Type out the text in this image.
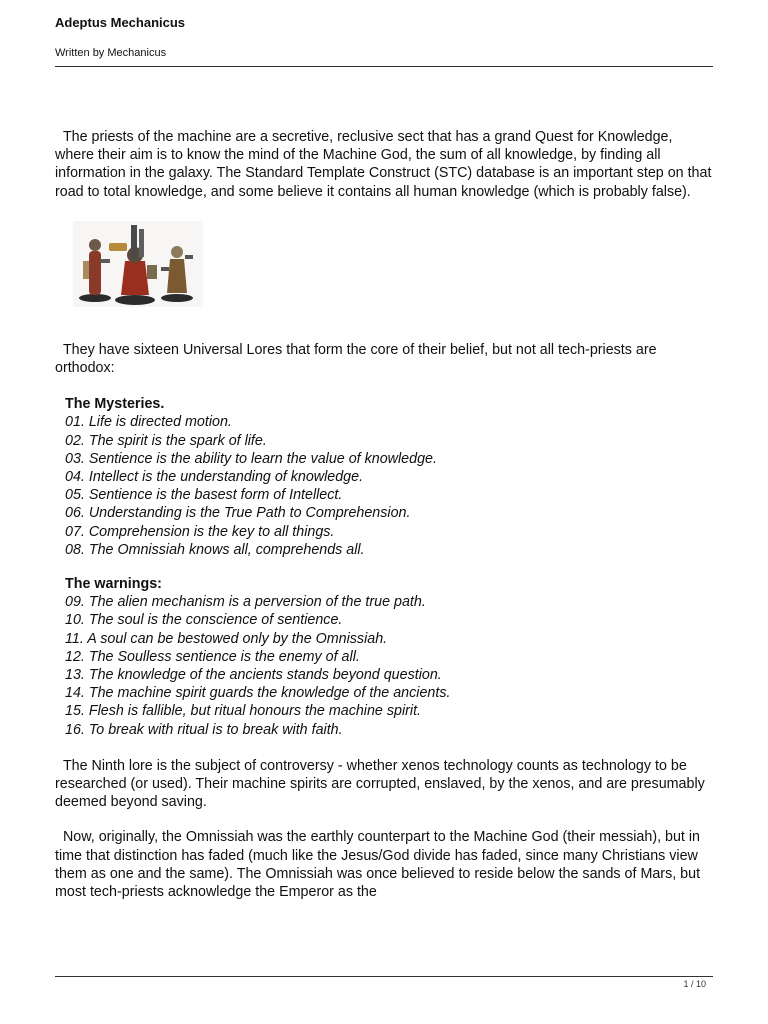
Adeptus Mechanicus
Written by Mechanicus

The priests of the machine are a secretive, reclusive sect that has a grand Quest for Knowledge, where their aim is to know the mind of the Machine God, the sum of all knowledge, by finding all information in the galaxy. The Standard Template Construct (STC) database is an important step on that road to total knowledge, and some believe it contains all human knowledge (which is probably false).

They have sixteen Universal Lores that form the core of their belief, but not all tech-priests are orthodox:

The Mysteries.
01. Life is directed motion.
02. The spirit is the spark of life.
03. Sentience is the ability to learn the value of knowledge.
04. Intellect is the understanding of knowledge.
05. Sentience is the basest form of Intellect.
06. Understanding is the True Path to Comprehension.
07. Comprehension is the key to all things.
08. The Omnissiah knows all, comprehends all.
The warnings:
09. The alien mechanism is a perversion of the true path.
10. The soul is the conscience of sentience.
11. A soul can be bestowed only by the Omnissiah.
12. The Soulless sentience is the enemy of all.
13. The knowledge of the ancients stands beyond question.
14. The machine spirit guards the knowledge of the ancients.
15. Flesh is fallible, but ritual honours the machine spirit.
16. To break with ritual is to break with faith.

The Ninth lore is the subject of controversy - whether xenos technology counts as technology to be researched (or used). Their machine spirits are corrupted, enslaved, by the xenos, and are presumably deemed beyond saving.

Now, originally, the Omnissiah was the earthly counterpart to the Machine God (their messiah), but in time that distinction has faded (much like the Jesus/God divide has faded, since many Christians view them as one and the same). The Omnissiah was once believed to reside below the sands of Mars, but most tech-priests acknowledge the Emperor as the

1 / 10
